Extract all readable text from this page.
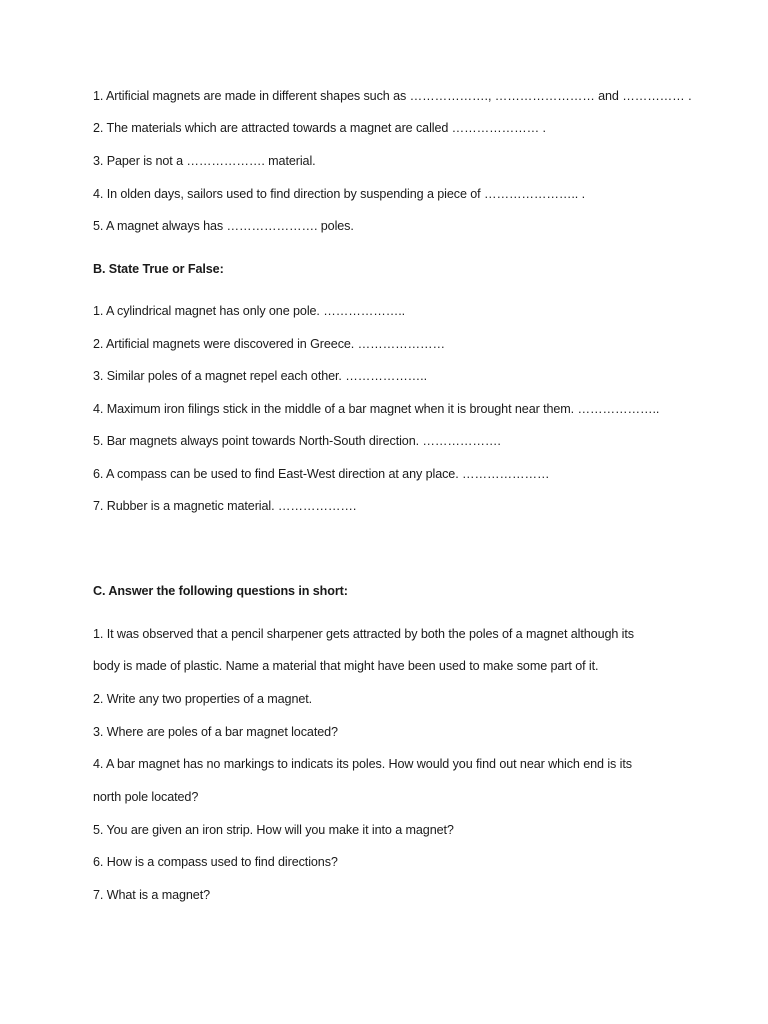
1. Artificial magnets are made in different shapes such as ………………., …………………… and …………… .
2. The materials which are attracted towards a magnet are called ………………… .
3. Paper is not a ………………. material.
4. In olden days, sailors used to find direction by suspending a piece of ………………….. .
5. A magnet always has …………………. poles.
B. State True or False:
1. A cylindrical magnet has only one pole. ………………..
2. Artificial magnets were discovered in Greece. …………………
3. Similar poles of a magnet repel each other. ………………..
4. Maximum iron filings stick in the middle of a bar magnet when it is brought near them. ………………..
5. Bar magnets always point towards North-South direction. ……………….
6. A compass can be used to find East-West direction at any place. …………………
7. Rubber is a magnetic material. ……………….
C. Answer the following questions in short:
1. It was observed that a pencil sharpener gets attracted by both the poles of a magnet although its
body is made of plastic. Name a material that might have been used to make some part of it.
2. Write any two properties of a magnet.
3. Where are poles of a bar magnet located?
4. A bar magnet has no markings to indicats its poles. How would you find out near which end is its
north pole located?
5. You are given an iron strip. How will you make it into a magnet?
6. How is a compass used to find directions?
7. What is a magnet?
